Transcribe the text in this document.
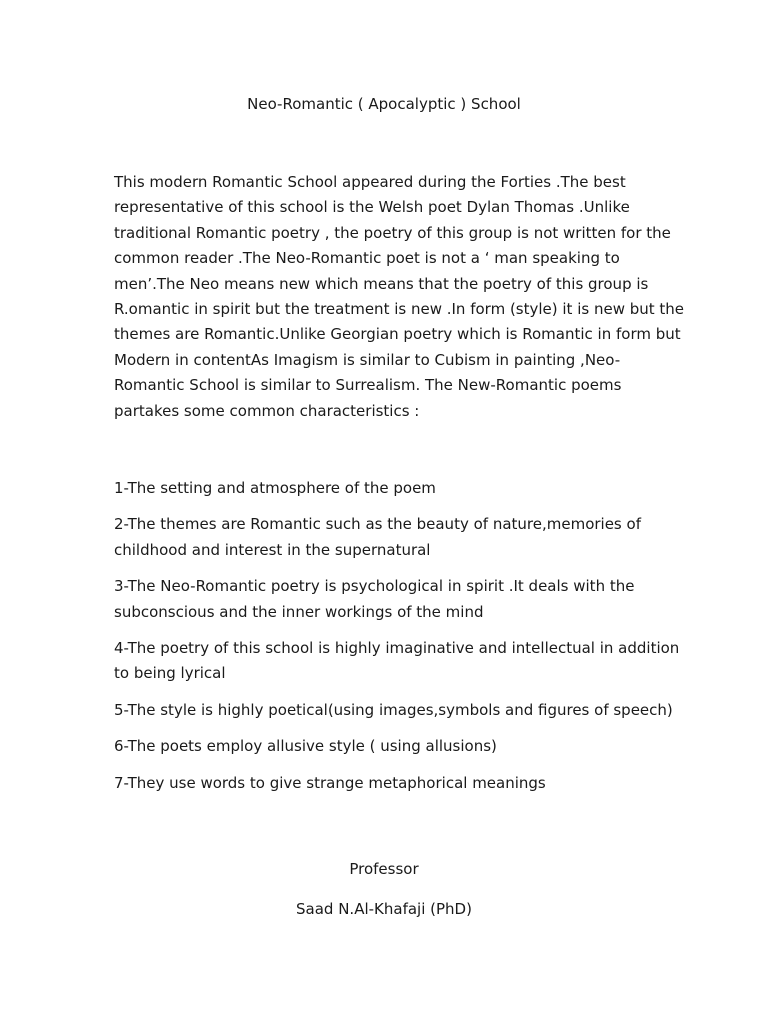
Neo-Romantic ( Apocalyptic ) School

This modern Romantic School appeared during the Forties .The best
representative of this school is the Welsh poet Dylan Thomas .Unlike
traditional Romantic poetry , the poetry of this group is not written for the
common reader .The Neo-Romantic poet is not a ‘ man speaking to
men’.The Neo means new which means that the poetry of this group is
R.omantic in spirit but the treatment is new .In form (style) it is new but the
themes are Romantic.Unlike Georgian poetry which is Romantic in form but
Modern in contentAs Imagism is similar to Cubism in painting ,Neo-
Romantic School is similar to Surrealism. The New-Romantic poems
partakes some common characteristics :

1-The setting and atmosphere of the poem
2-The themes are Romantic such as the beauty of nature,memories of
childhood and interest in the supernatural
3-The Neo-Romantic poetry is psychological in spirit .It deals with the
subconscious and the inner workings of the mind
4-The poetry of this school is highly imaginative and intellectual in addition
to being lyrical
5-The style is highly poetical(using images,symbols and figures of speech)
6-The poets employ allusive style ( using allusions)
7-They use words to give strange metaphorical meanings
Professor
Saad N.Al-Khafaji (PhD)
